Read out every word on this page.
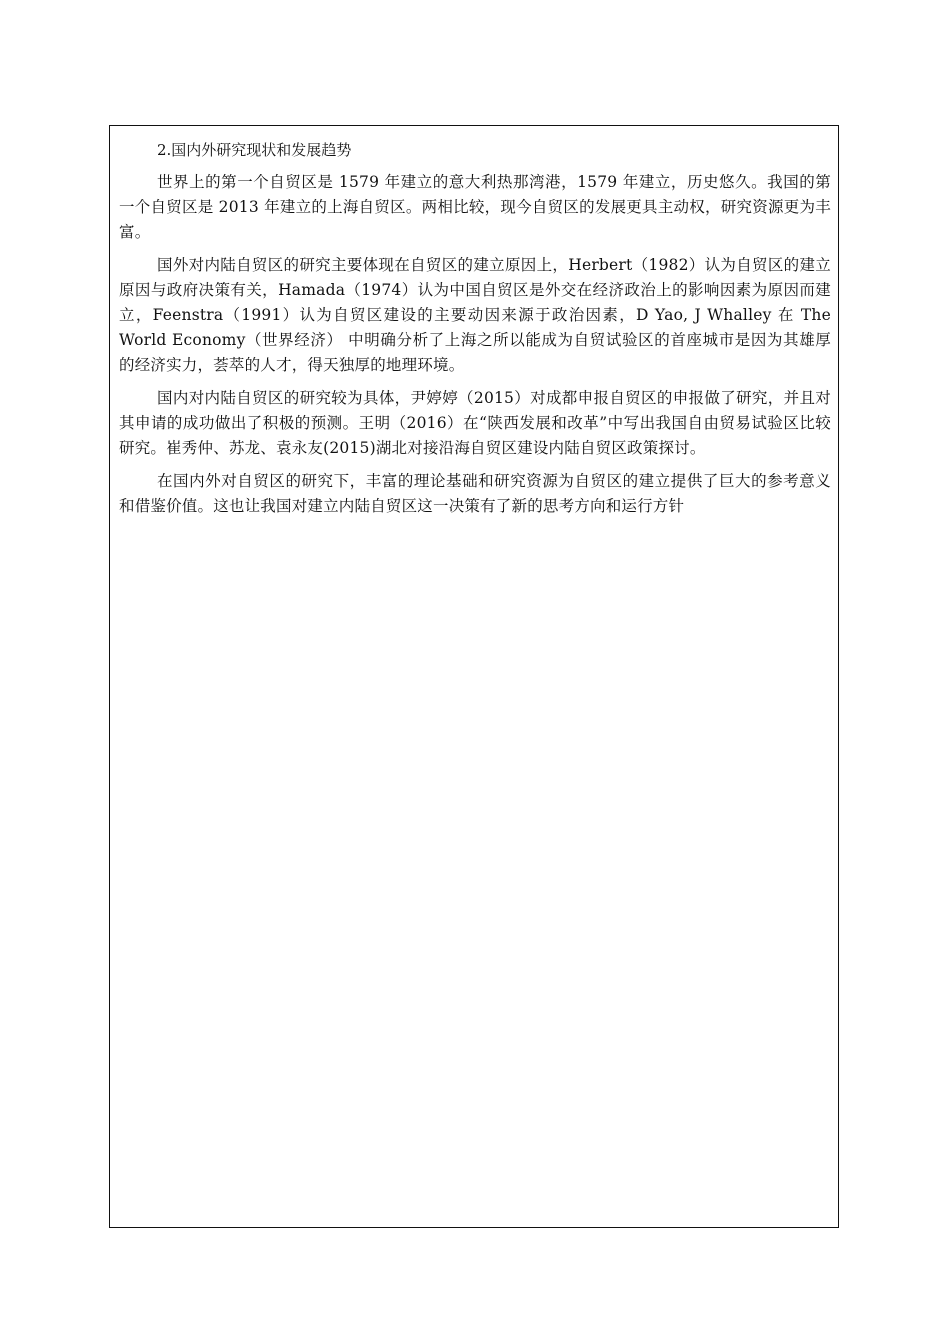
2.国内外研究现状和发展趋势

世界上的第一个自贸区是 1579 年建立的意大利热那湾港，1579 年建立，历史悠久。我国的第一个自贸区是 2013 年建立的上海自贸区。两相比较，现今自贸区的发展更具主动权，研究资源更为丰富。

国外对内陆自贸区的研究主要体现在自贸区的建立原因上，Herbert（1982）认为自贸区的建立原因与政府决策有关，Hamada（1974）认为中国自贸区是外交在经济政治上的影响因素为原因而建立，Feenstra（1991）认为自贸区建设的主要动因来源于政治因素，D Yao, J Whalley 在 The World Economy（世界经济） 中明确分析了上海之所以能成为自贸试验区的首座城市是因为其雄厚的经济实力，荟萃的人才，得天独厚的地理环境。

国内对内陆自贸区的研究较为具体，尹婷婷（2015）对成都申报自贸区的申报做了研究，并且对其申请的成功做出了积极的预测。王明（2016）在“陕西发展和改革”中写出我国自由贸易试验区比较研究。崔秀仲、苏龙、袁永友(2015)湖北对接沿海自贸区建设内陆自贸区政策探讨。

在国内外对自贸区的研究下，丰富的理论基础和研究资源为自贸区的建立提供了巨大的参考意义和借鉴价值。这也让我国对建立内陆自贸区这一决策有了新的思考方向和运行方针
